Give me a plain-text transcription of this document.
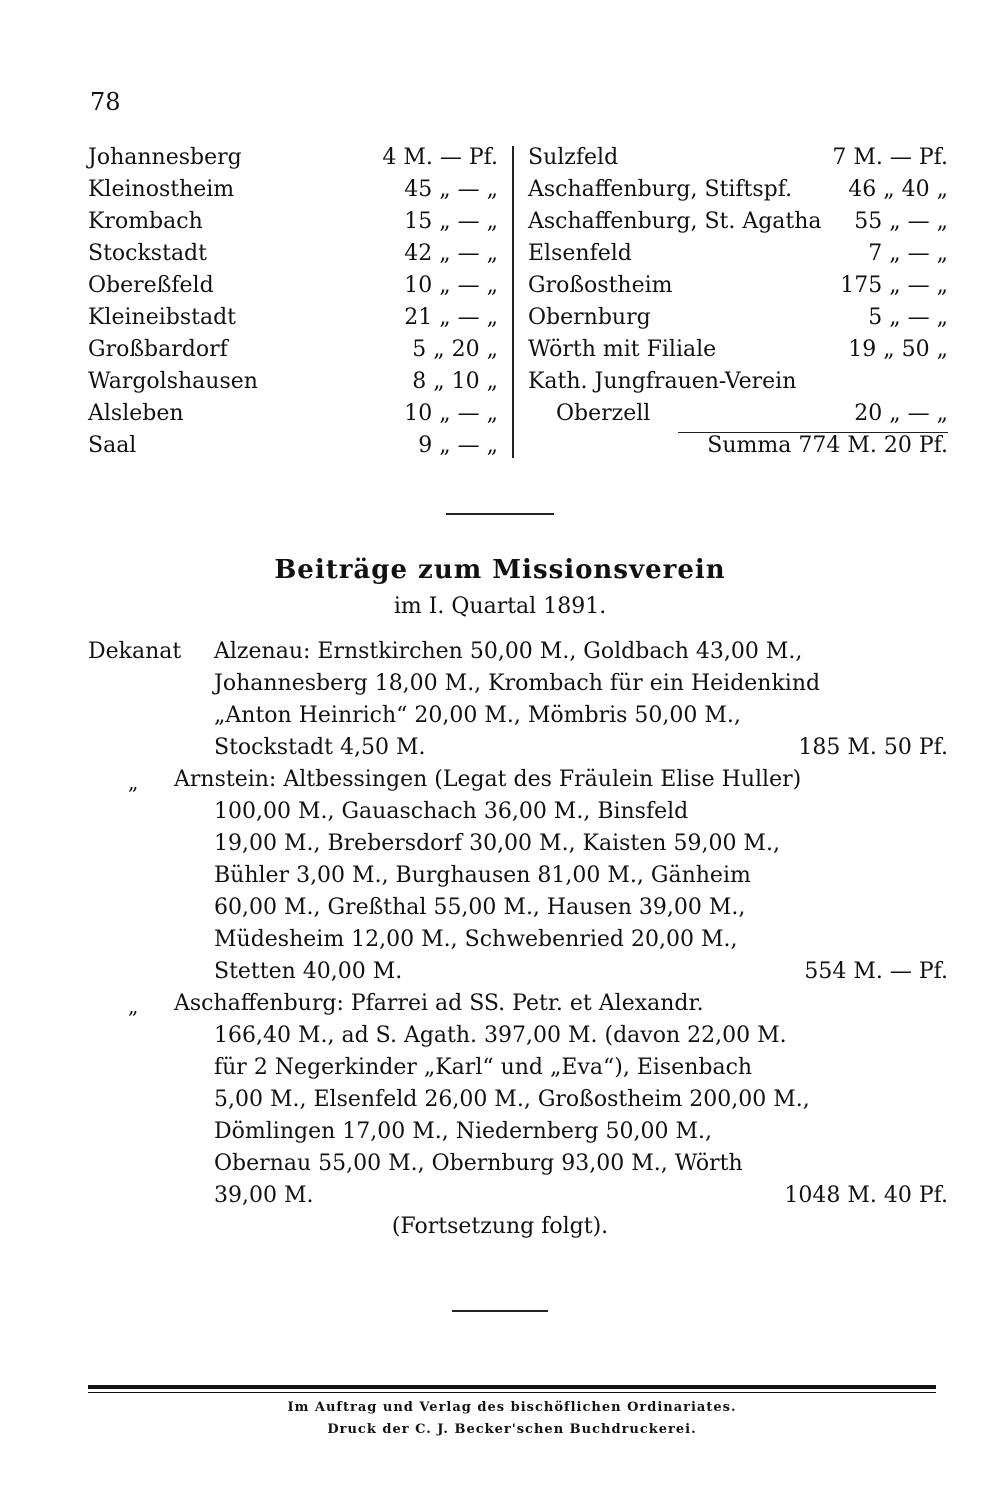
78
Johannesberg	4 M. — Pf.
Kleinostheim	45 „ — „
Krombach	15 „ — „
Stockstadt	42 „ — „
Obereßfeld	10 „ — „
Kleineibstadt	21 „ — „
Großbardorf	5 „ 20 „
Wargolshausen	8 „ 10 „
Alsleben	10 „ — „
Saal	9 „ — „
Sulzfeld	7 M. — Pf.
Aschaffenburg, Stiftspf.	46 „ 40 „
Aschaffenburg, St. Agatha 55 „ — „
Elsenfeld	7 „ — „
Großostheim	175 „ — „
Obernburg	5 „ — „
Wörth mit Filiale	19 „ 50 „
Kath. Jungfrauen-Verein
Oberzell	20 „ — „
Summa 774 M. 20 Pf.
Beiträge zum Missionsverein
im I. Quartal 1891.
Dekanat Alzenau: Ernstkirchen 50,00 M., Goldbach 43,00 M.,
Johannesberg 18,00 M., Krombach für ein Heidenkind
„Anton Heinrich“ 20,00 M., Mömbris 50,00 M.,
Stockstadt 4,50 M.	185 M. 50 Pf.
„ Arnstein: Altbessingen (Legat des Fräulein Elise Huller)
100,00 M., Gauaschach 36,00 M., Binsfeld
19,00 M., Brebersdorf 30,00 M., Kaisten 59,00 M.,
Bühler 3,00 M., Burghausen 81,00 M., Gänheim
60,00 M., Greßthal 55,00 M., Hausen 39,00 M.,
Müdesheim 12,00 M., Schwebenried 20,00 M.,
Stetten 40,00 M.	554 M. — Pf.
„ Aschaffenburg: Pfarrei ad SS. Petr. et Alexandr.
166,40 M., ad S. Agath. 397,00 M. (davon 22,00 M.
für 2 Negerkinder „Karl“ und „Eva“), Eisenbach
5,00 M., Elsenfeld 26,00 M., Großostheim 200,00 M.,
Dömlingen 17,00 M., Niedernberg 50,00 M.,
Obernau 55,00 M., Obernburg 93,00 M., Wörth
39,00 M.	1048 M. 40 Pf.
(Fortsetzung folgt).
Im Auftrag und Verlag des bischöflichen Ordinariates.
Druck der C. J. Becker'schen Buchdruckerei.
